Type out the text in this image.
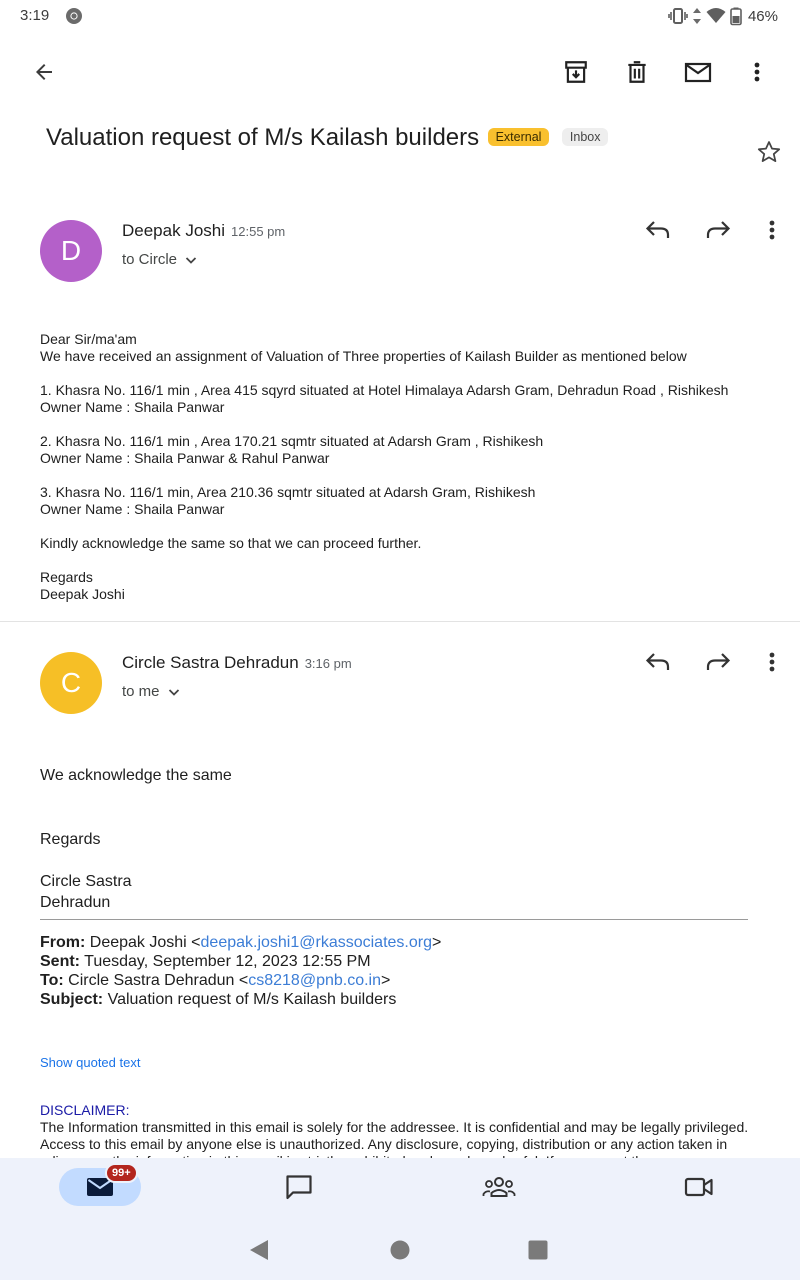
3:19	46%
Valuation request of M/s Kailash builders External Inbox
D
Deepak Joshi 12:55 pm
to Circle

Dear Sir/ma'am
We have received an assignment of Valuation of Three properties of Kailash Builder as mentioned below

1. Khasra No. 116/1 min , Area 415 sqyrd situated at Hotel Himalaya Adarsh Gram, Dehradun Road , Rishikesh
Owner Name : Shaila Panwar

2. Khasra No. 116/1 min , Area 170.21 sqmtr situated at Adarsh Gram , Rishikesh
Owner Name : Shaila Panwar & Rahul Panwar

3. Khasra No. 116/1 min, Area 210.36 sqmtr situated at Adarsh Gram, Rishikesh
Owner Name : Shaila Panwar

Kindly acknowledge the same so that we can proceed further.

Regards
Deepak Joshi

C
Circle Sastra Dehradun 3:16 pm
to me
We acknowledge the same
Regards
Circle Sastra
Dehradun
From: Deepak Joshi <deepak.joshi1@rkassociates.org>
Sent: Tuesday, September 12, 2023 12:55 PM
To: Circle Sastra Dehradun <cs8218@pnb.co.in>
Subject: Valuation request of M/s Kailash builders
Show quoted text
DISCLAIMER:
The Information transmitted in this email is solely for the addressee. It is confidential and may be legally privileged. Access to this email by anyone else is unauthorized. Any disclosure, copying, distribution or any action taken in
99+
